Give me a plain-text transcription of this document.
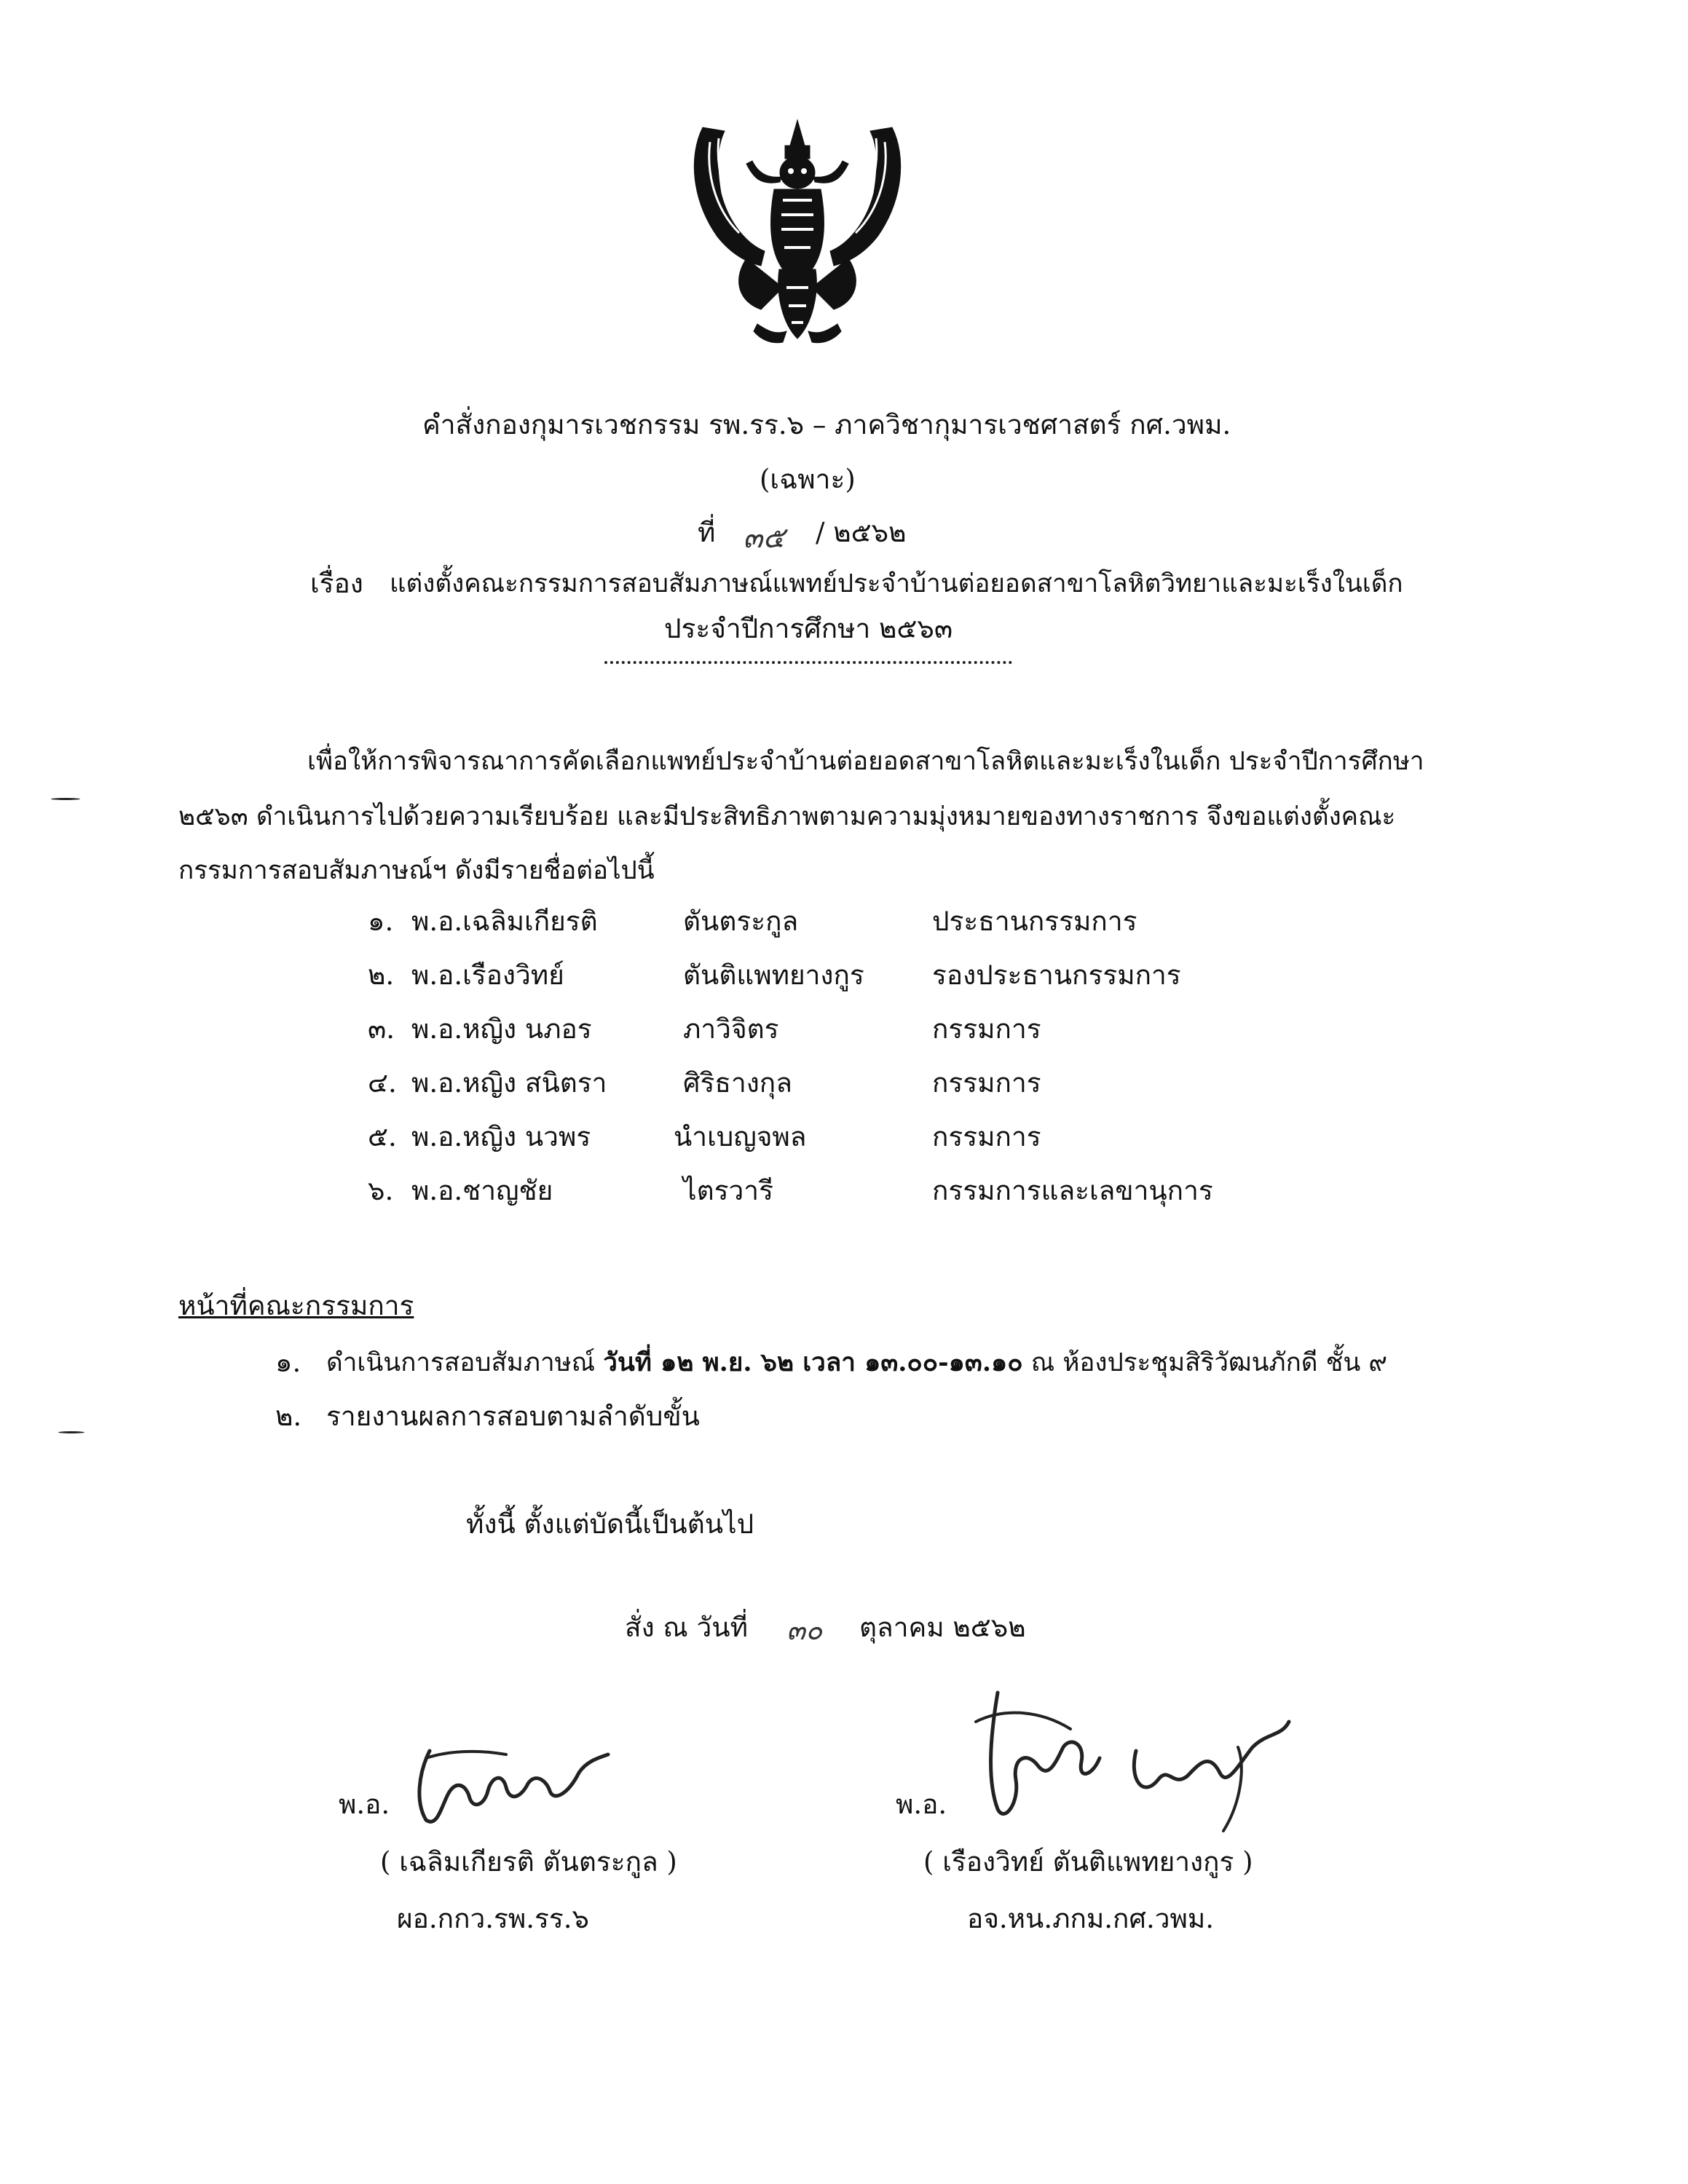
คำสั่งกองกุมารเวชกรรม รพ.รร.๖ – ภาควิชากุมารเวชศาสตร์ กศ.วพม.
(เฉพาะ)
ที่ ๓๕ / ๒๕๖๒
เรื่อง แต่งตั้งคณะกรรมการสอบสัมภาษณ์แพทย์ประจำบ้านต่อยอดสาขาโลหิตวิทยาและมะเร็งในเด็ก
ประจำปีการศึกษา ๒๕๖๓
เพื่อให้การพิจารณาการคัดเลือกแพทย์ประจำบ้านต่อยอดสาขาโลหิตและมะเร็งในเด็ก ประจำปีการศึกษา
๒๕๖๓ ดำเนินการไปด้วยความเรียบร้อย และมีประสิทธิภาพตามความมุ่งหมายของทางราชการ จึงขอแต่งตั้งคณะ
กรรมการสอบสัมภาษณ์ฯ ดังมีรายชื่อต่อไปนี้
๑. พ.อ.เฉลิมเกียรติ	ตันตระกูล	ประธานกรรมการ
๒. พ.อ.เรืองวิทย์	ตันติแพทยางกูร	รองประธานกรรมการ
๓. พ.อ.หญิง นภอร	ภาวิจิตร	กรรมการ
๔. พ.อ.หญิง สนิตรา	ศิริธางกุล	กรรมการ
๕. พ.อ.หญิง นวพร	นำเบญจพล	กรรมการ
๖. พ.อ.ชาญชัย	ไตรวารี	กรรมการและเลขานุการ
หน้าที่คณะกรรมการ
๑. ดำเนินการสอบสัมภาษณ์ วันที่ ๑๒ พ.ย. ๖๒ เวลา ๑๓.๐๐-๑๓.๑๐ ณ ห้องประชุมสิริวัฒนภักดี ชั้น ๙
๒. รายงานผลการสอบตามลำดับขั้น
ทั้งนี้ ตั้งแต่บัดนี้เป็นต้นไป
สั่ง ณ วันที่ ๓๐ ตุลาคม ๒๕๖๒
พ.อ.
( เฉลิมเกียรติ ตันตระกูล )
ผอ.กกว.รพ.รร.๖
พ.อ.
( เรืองวิทย์ ตันติแพทยางกูร )
อจ.หน.ภกม.กศ.วพม.
